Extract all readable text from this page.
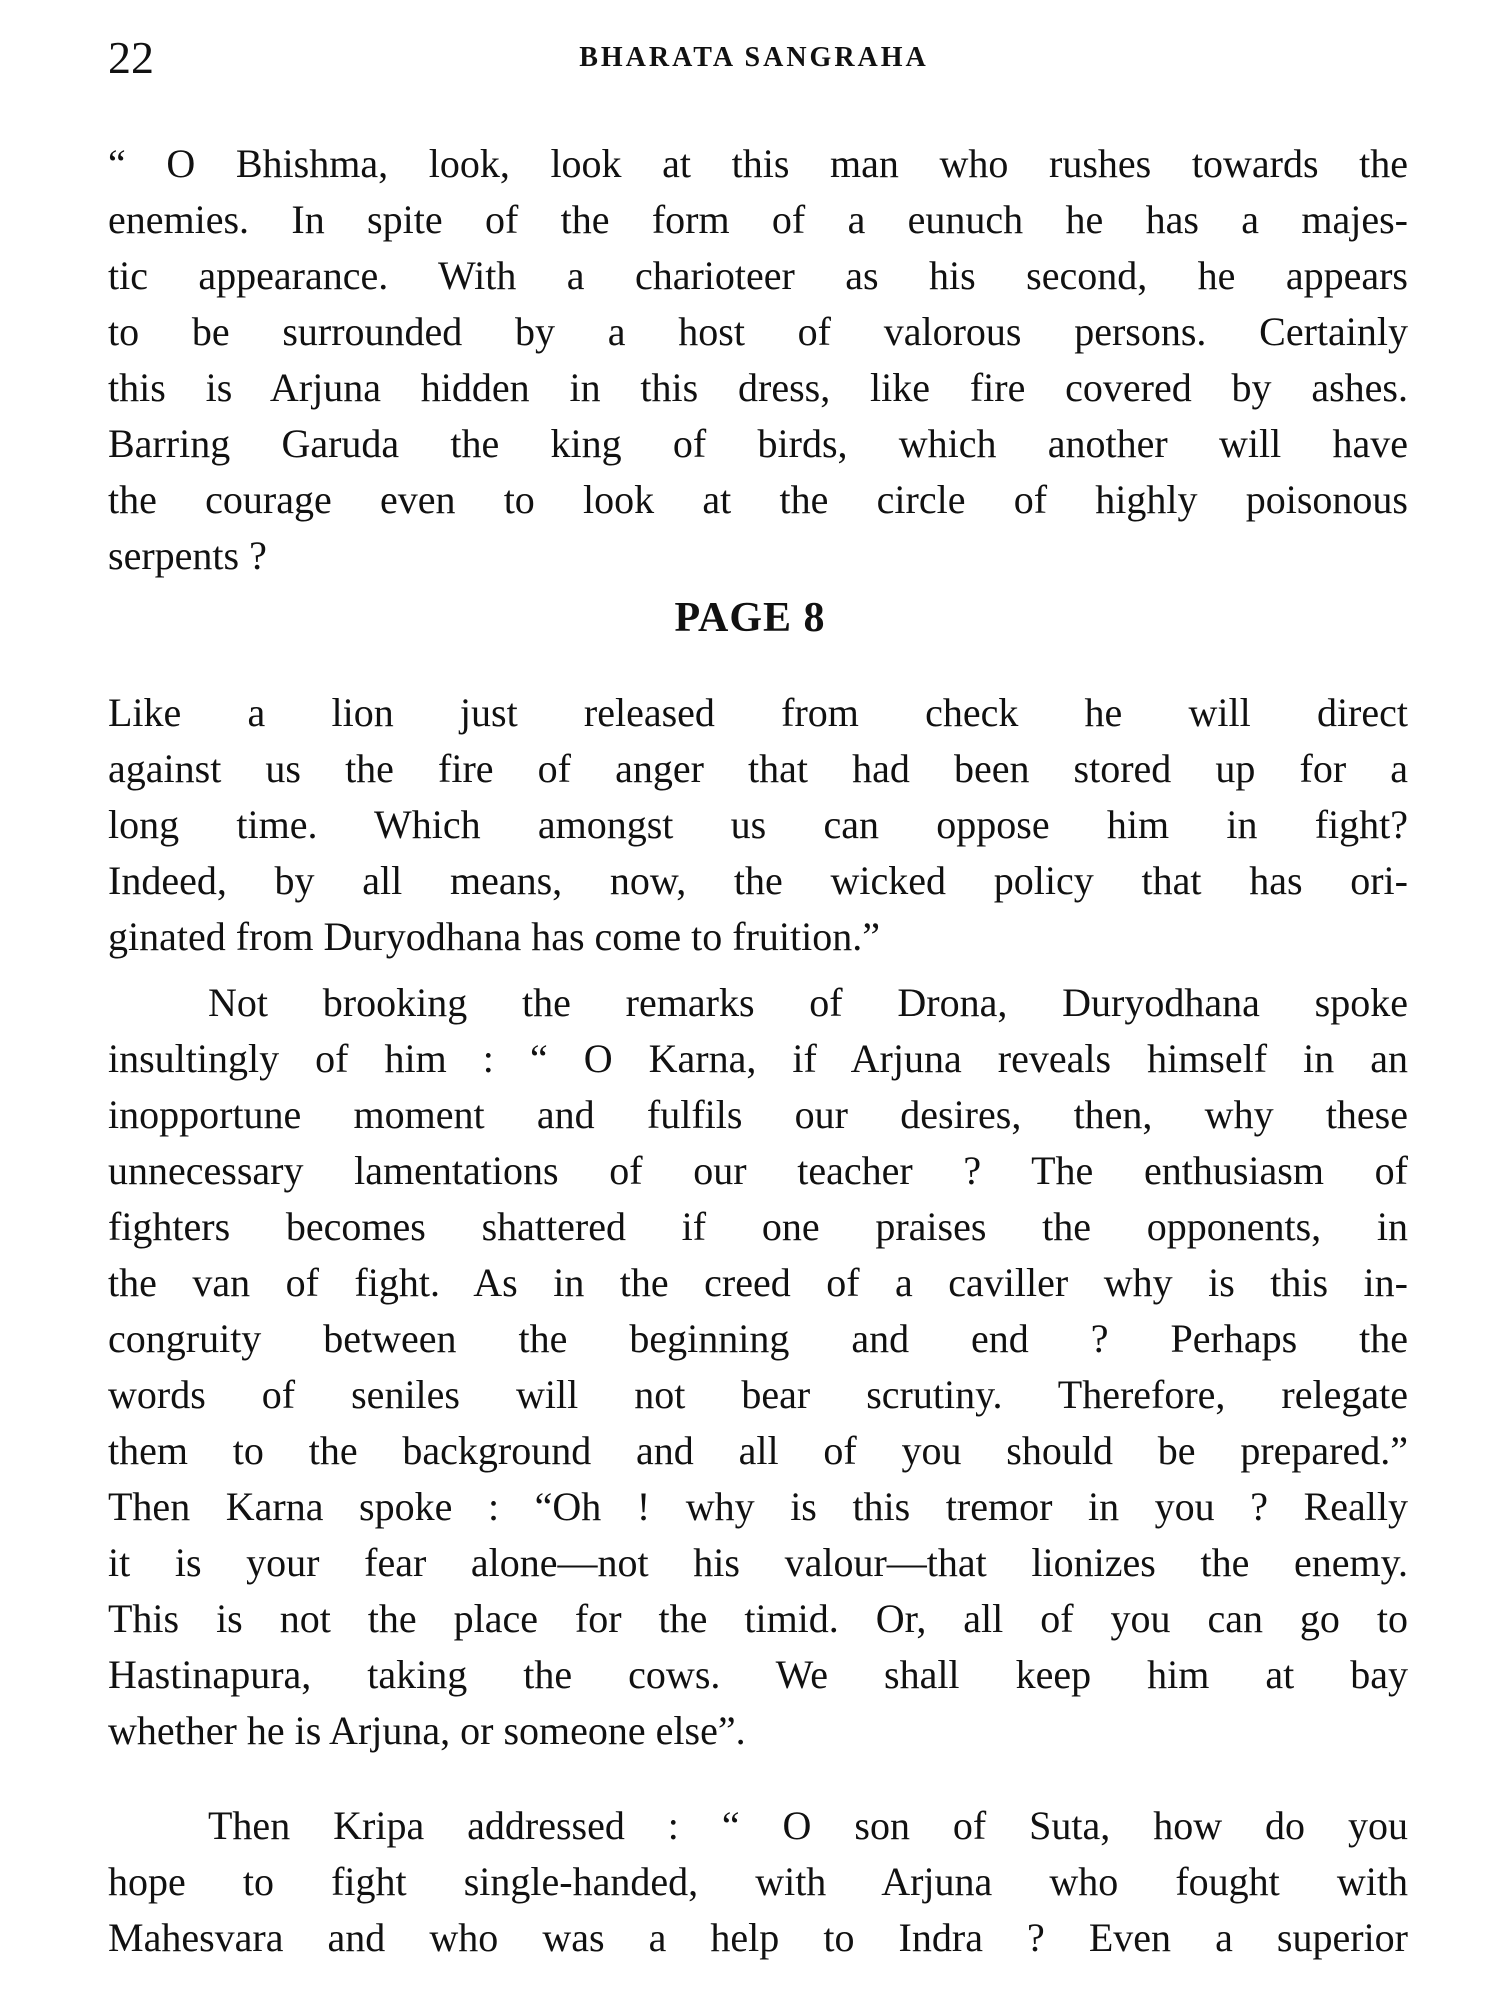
22	BHARATA SANGRAHA
“ O Bhishma, look, look at this man who rushes towards the
enemies. In spite of the form of a eunuch he has a majes-
tic appearance. With a charioteer as his second, he appears
to be surrounded by a host of valorous persons. Certainly
this is Arjuna hidden in this dress, like fire covered by ashes.
Barring Garuda the king of birds, which another will have
the courage even to look at the circle of highly poisonous
serpents ?
PAGE 8
Like a lion just released from check he will direct
against us the fire of anger that had been stored up for a
long time. Which amongst us can oppose him in fight?
Indeed, by all means, now, the wicked policy that has ori-
ginated from Duryodhana has come to fruition.”
Not brooking the remarks of Drona, Duryodhana spoke
insultingly of him : “ O Karna, if Arjuna reveals himself in an
inopportune moment and fulfils our desires, then, why these
unnecessary lamentations of our teacher ? The enthusiasm of
fighters becomes shattered if one praises the opponents, in
the van of fight. As in the creed of a caviller why is this in-
congruity between the beginning and end ? Perhaps the
words of seniles will not bear scrutiny. Therefore, relegate
them to the background and all of you should be prepared.”
Then Karna spoke : “Oh ! why is this tremor in you ? Really
it is your fear alone—not his valour—that lionizes the enemy.
This is not the place for the timid. Or, all of you can go to
Hastinapura, taking the cows. We shall keep him at bay
whether he is Arjuna, or someone else”.
Then Kripa addressed : “ O son of Suta, how do you
hope to fight single-handed, with Arjuna who fought with
Mahesvara and who was a help to Indra ? Even a superior
